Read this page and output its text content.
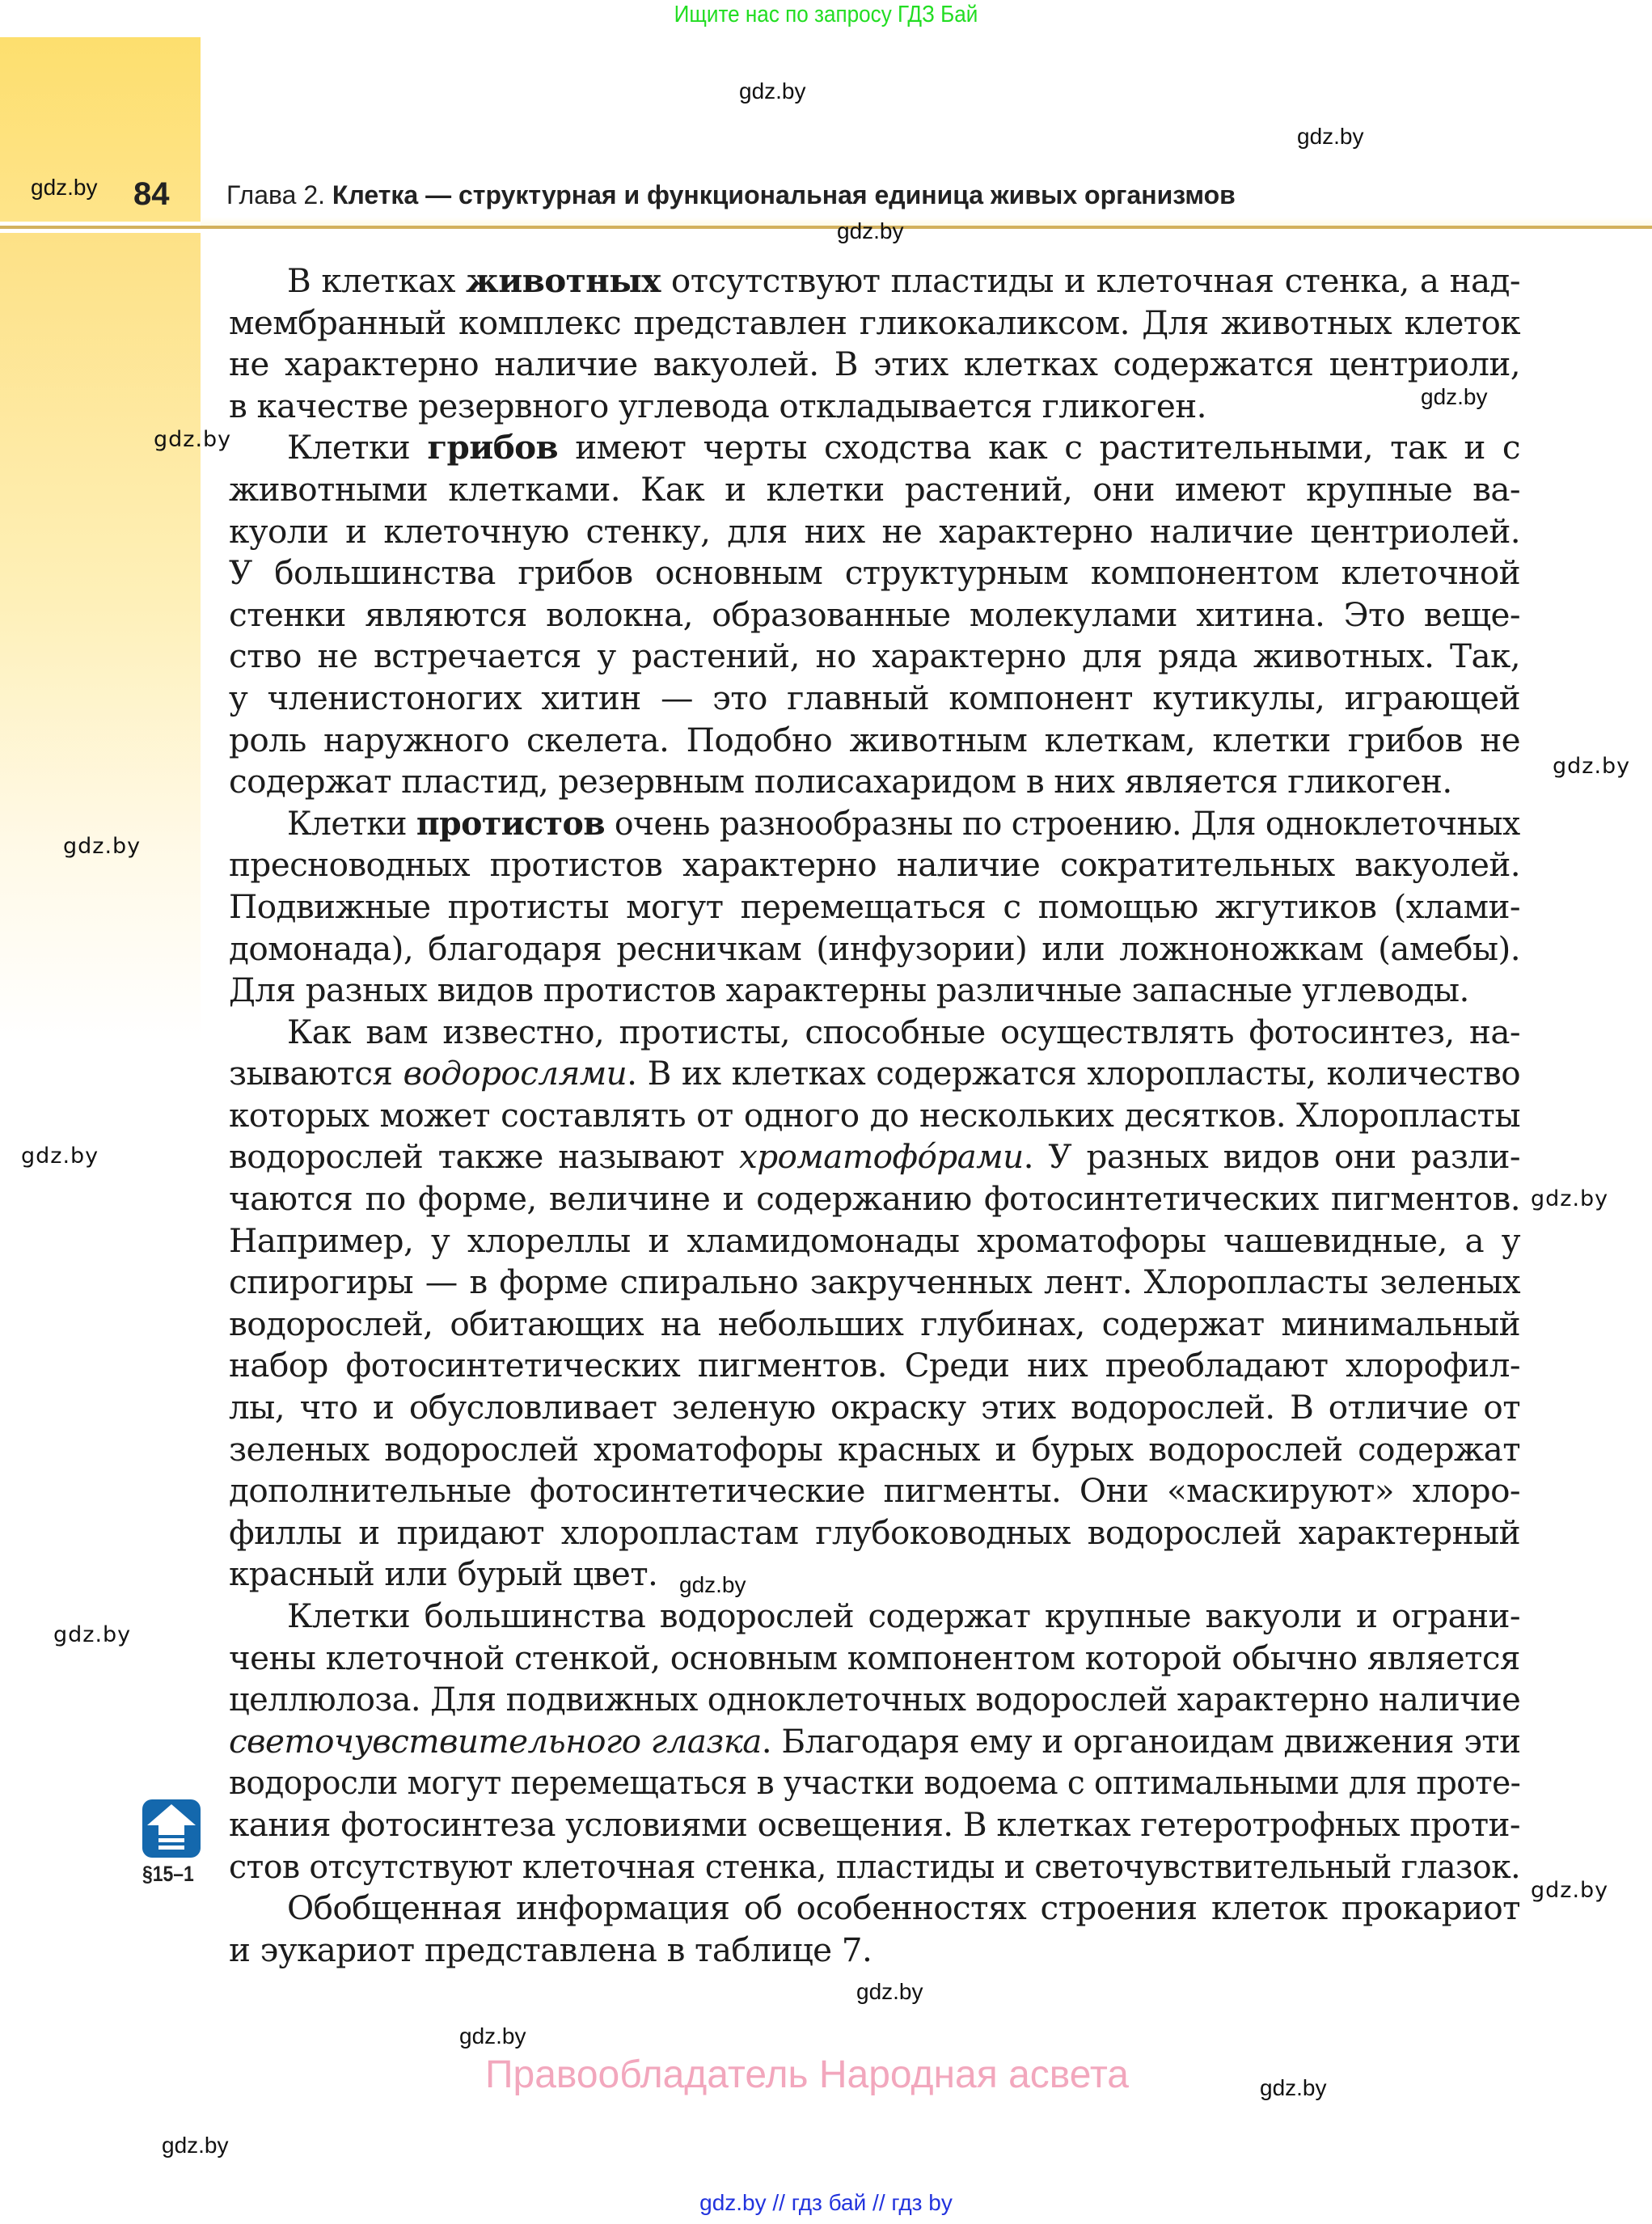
Ищите нас по запросу ГДЗ Бай
gdz.by 84 Глава 2. Клетка — структурная и функциональная единица живых организмов
gdz.by
gdz.by
gdz.by
gdz.by
gdz.by
gdz.by
gdz.by
gdz.by
gdz.by
gdz.by
gdz.by
gdz.by
gdz.by
gdz.by
gdz.by
gdz.by
В клетках животных отсутствуют пластиды и клеточная стенка, а над-
мембранный комплекс представлен гликокаликсом. Для животных клеток
не характерно наличие вакуолей. В этих клетках содержатся центриоли,
в качестве резервного углевода откладывается гликоген.
Клетки грибов имеют черты сходства как с растительными, так и с
животными клетками. Как и клетки растений, они имеют крупные ва-
куоли и клеточную стенку, для них не характерно наличие центриолей.
У большинства грибов основным структурным компонентом клеточной
стенки являются волокна, образованные молекулами хитина. Это веще-
ство не встречается у растений, но характерно для ряда животных. Так,
у членистоногих хитин — это главный компонент кутикулы, играющей
роль наружного скелета. Подобно животным клеткам, клетки грибов не
содержат пластид, резервным полисахаридом в них является гликоген.
Клетки протистов очень разнообразны по строению. Для одноклеточных
пресноводных протистов характерно наличие сократительных вакуолей.
Подвижные протисты могут перемещаться с помощью жгутиков (хлами-
домонада), благодаря ресничкам (инфузории) или ложноножкам (амебы).
Для разных видов протистов характерны различные запасные углеводы.
Как вам известно, протисты, способные осуществлять фотосинтез, на-
зываются водорослями. В их клетках содержатся хлоропласты, количество
которых может составлять от одного до нескольких десятков. Хлоропласты
водорослей также называют хроматофóрами. У разных видов они разли-
чаются по форме, величине и содержанию фотосинтетических пигментов.
Например, у хлореллы и хламидомонады хроматофоры чашевидные, а у
спирогиры — в форме спирально закрученных лент. Хлоропласты зеленых
водорослей, обитающих на небольших глубинах, содержат минимальный
набор фотосинтетических пигментов. Среди них преобладают хлорофил-
лы, что и обусловливает зеленую окраску этих водорослей. В отличие от
зеленых водорослей хроматофоры красных и бурых водорослей содержат
дополнительные фотосинтетические пигменты. Они «маскируют» хлоро-
филлы и придают хлоропластам глубоководных водорослей характерный
красный или бурый цвет.
Клетки большинства водорослей содержат крупные вакуоли и ограни-
чены клеточной стенкой, основным компонентом которой обычно является
целлюлоза. Для подвижных одноклеточных водорослей характерно наличие
светочувствительного глазка. Благодаря ему и органоидам движения эти
водоросли могут перемещаться в участки водоема с оптимальными для проте-
кания фотосинтеза условиями освещения. В клетках гетеротрофных проти-
стов отсутствуют клеточная стенка, пластиды и светочувствительный глазок.
Обобщенная информация об особенностях строения клеток прокариот
и эукариот представлена в таблице 7.
§15–1
Правообладатель Народная асвета
gdz.by // гдз бай // гдз by
